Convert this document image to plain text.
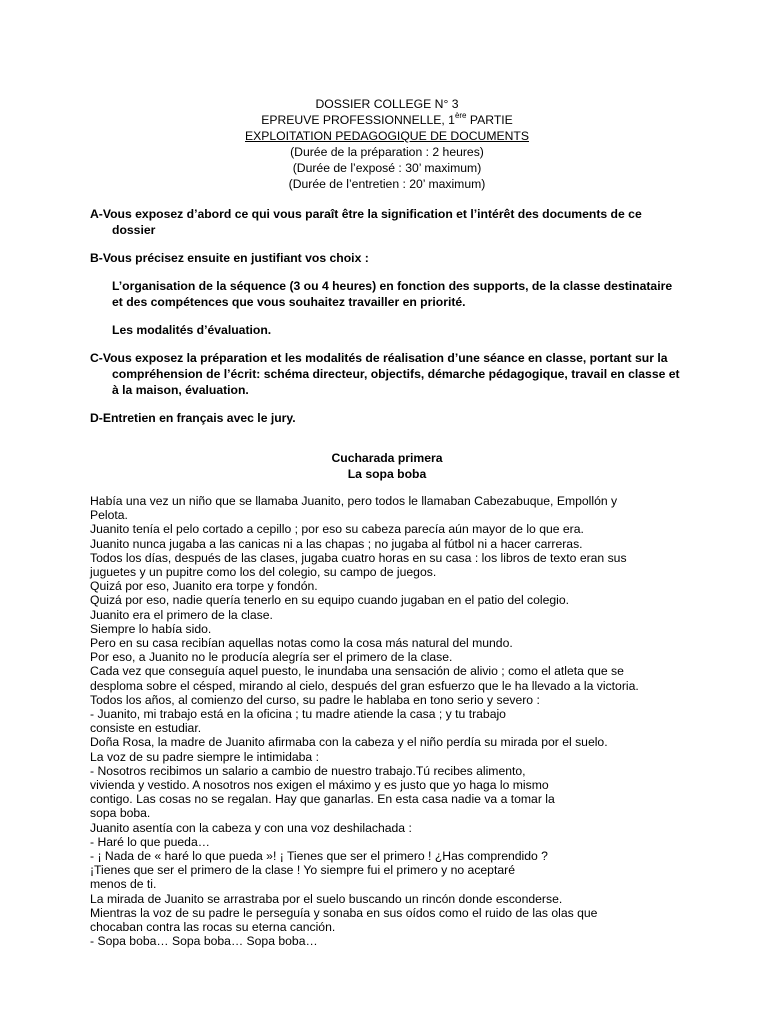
DOSSIER COLLEGE N° 3
EPREUVE PROFESSIONNELLE, 1ère PARTIE
EXPLOITATION PEDAGOGIQUE DE DOCUMENTS
(Durée de la préparation : 2 heures)
(Durée de l’exposé : 30’ maximum)
(Durée de l’entretien : 20’ maximum)

A-Vous exposez d’abord ce qui vous paraît être la signification et l’intérêt des documents de ce dossier

B-Vous précisez ensuite en justifiant vos choix :

L’organisation de la séquence (3 ou 4 heures) en fonction des supports, de la classe destinataire et des compétences que vous souhaitez travailler en priorité.

Les modalités d’évaluation.

C-Vous exposez la préparation et les modalités de réalisation d’une séance en classe, portant sur la compréhension de l’écrit: schéma directeur, objectifs, démarche pédagogique, travail en classe et à la maison, évaluation.

D-Entretien en français avec le jury.

Cucharada primera
La sopa boba

Había una vez un niño que se llamaba Juanito, pero todos le llamaban Cabezabuque, Empollón y

Pelota.

Juanito tenía el pelo cortado a cepillo ; por eso su cabeza parecía aún mayor de lo que era.

Juanito nunca jugaba a las canicas ni a las chapas ; no jugaba al fútbol ni a hacer carreras.

Todos los días, después de las clases, jugaba cuatro horas en su casa : los libros de texto eran sus

juguetes y un pupitre como los del colegio, su campo de juegos.

Quizá por eso, Juanito era torpe y fondón.

Quizá por eso, nadie quería tenerlo en su equipo cuando jugaban en el patio del colegio.

Juanito era el primero de la clase.

Siempre lo había sido.

Pero en su casa recibían aquellas notas como la cosa más natural del mundo.

Por eso, a Juanito no le producía alegría ser el primero de la clase.

Cada vez que conseguía aquel puesto, le inundaba una sensación de alivio ; como el atleta que se

desploma sobre el césped, mirando al cielo, después del gran esfuerzo que le ha llevado a la victoria.

Todos los años, al comienzo del curso, su padre le hablaba en tono serio y severo :

- Juanito, mi trabajo está en la oficina ; tu madre atiende la casa ; y tu trabajo

consiste en estudiar.

Doña Rosa, la madre de Juanito afirmaba con la cabeza y el niño perdía su mirada por el suelo.

La voz de su padre siempre le intimidaba :

- Nosotros recibimos un salario a cambio de nuestro trabajo.Tú recibes alimento,

vivienda y vestido. A nosotros nos exigen el máximo y es justo que yo haga lo mismo

contigo. Las cosas no se regalan. Hay que ganarlas. En esta casa nadie va a tomar la

sopa boba.

Juanito asentía con la cabeza y con una voz deshilachada :

- Haré lo que pueda…

- ¡ Nada de « haré lo que pueda »! ¡ Tienes que ser el primero ! ¿Has comprendido ?

¡Tienes que ser el primero de la clase ! Yo siempre fui el primero y no aceptaré

menos de ti.

La mirada de Juanito se arrastraba por el suelo buscando un rincón donde esconderse.

Mientras la voz de su padre le perseguía y sonaba en sus oídos como el ruido de las olas que

chocaban contra las rocas su eterna canción.

- Sopa boba… Sopa boba… Sopa boba…
